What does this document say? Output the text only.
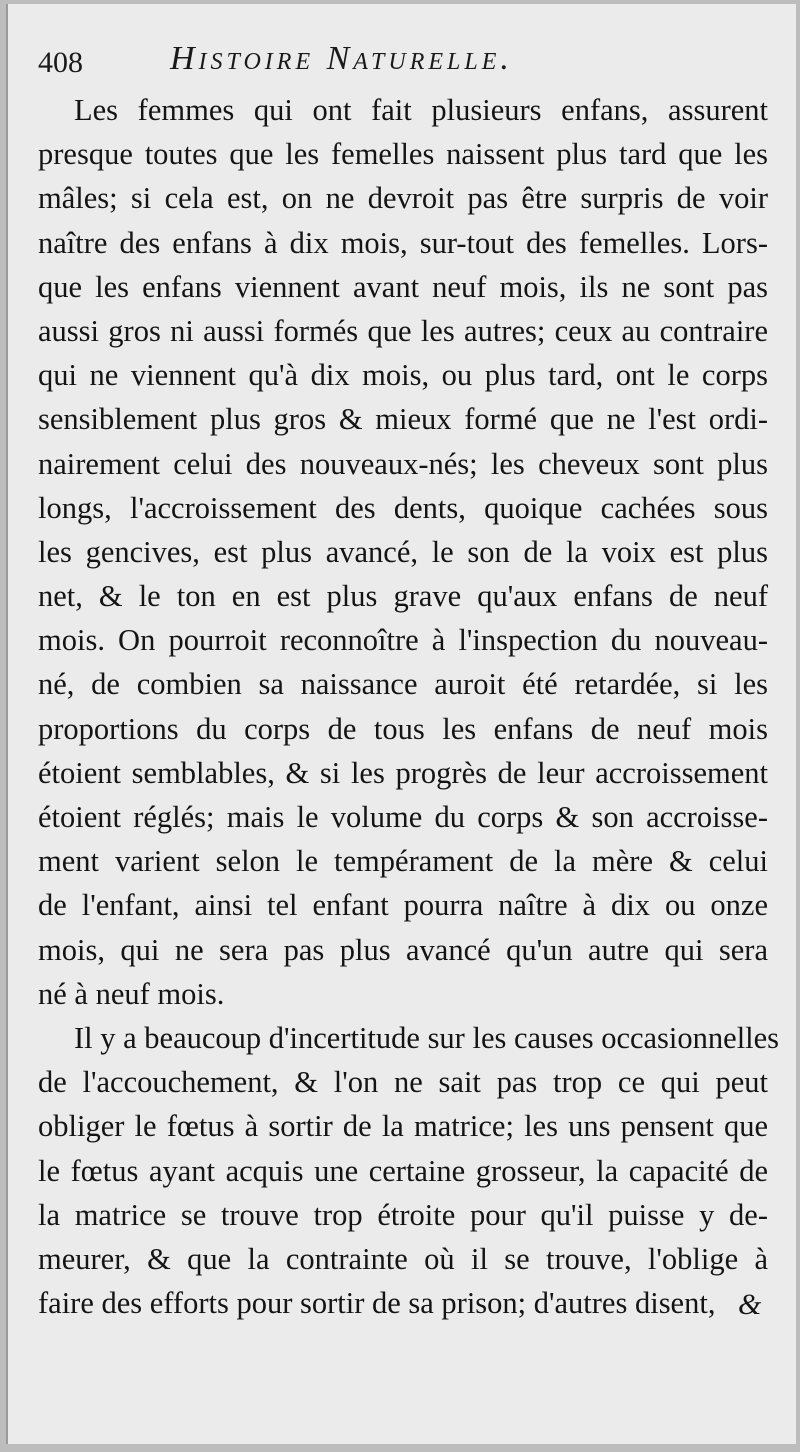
408	Histoire Naturelle.
Les femmes qui ont fait plusieurs enfans, assurent
presque toutes que les femelles naissent plus tard que les
mâles; si cela est, on ne devroit pas être surpris de voir
naître des enfans à dix mois, sur-tout des femelles. Lors-
que les enfans viennent avant neuf mois, ils ne sont pas
aussi gros ni aussi formés que les autres; ceux au contraire
qui ne viennent qu'à dix mois, ou plus tard, ont le corps
sensiblement plus gros & mieux formé que ne l'est ordi-
nairement celui des nouveaux-nés; les cheveux sont plus
longs, l'accroissement des dents, quoique cachées sous
les gencives, est plus avancé, le son de la voix est plus
net, & le ton en est plus grave qu'aux enfans de neuf
mois. On pourroit reconnoître à l'inspection du nouveau-
né, de combien sa naissance auroit été retardée, si les
proportions du corps de tous les enfans de neuf mois
étoient semblables, & si les progrès de leur accroissement
étoient réglés; mais le volume du corps & son accroisse-
ment varient selon le tempérament de la mère & celui
de l'enfant, ainsi tel enfant pourra naître à dix ou onze
mois, qui ne sera pas plus avancé qu'un autre qui sera
né à neuf mois.
Il y a beaucoup d'incertitude sur les causes occasionnelles
de l'accouchement, & l'on ne sait pas trop ce qui peut
obliger le fœtus à sortir de la matrice; les uns pensent que
le fœtus ayant acquis une certaine grosseur, la capacité de
la matrice se trouve trop étroite pour qu'il puisse y de-
meurer, & que la contrainte où il se trouve, l'oblige à
faire des efforts pour sortir de sa prison; d'autres disent, &
